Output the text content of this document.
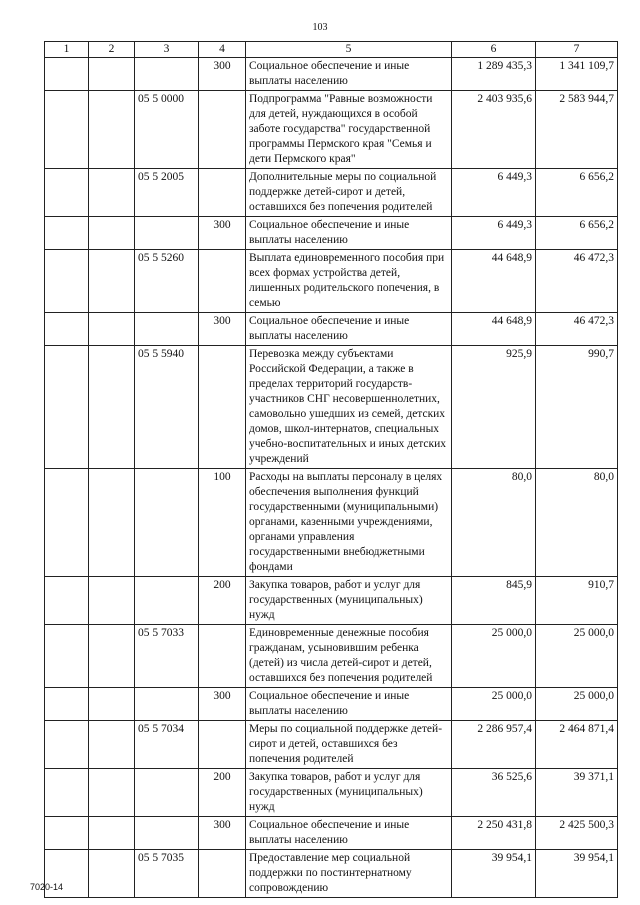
103
1	2	3	4	5	6	7
			300	Социальное обеспечение и иные выплаты населению	1 289 435,3	1 341 109,7
		05 5 0000		Подпрограмма "Равные возможности для детей, нуждающихся в особой заботе государства" государственной программы Пермского края "Семья и дети Пермского края"	2 403 935,6	2 583 944,7
		05 5 2005		Дополнительные меры по социальной поддержке детей-сирот и детей, оставшихся без попечения родителей	6 449,3	6 656,2
			300	Социальное обеспечение и иные выплаты населению	6 449,3	6 656,2
		05 5 5260		Выплата единовременного пособия при всех формах устройства детей, лишенных родительского попечения, в семью	44 648,9	46 472,3
			300	Социальное обеспечение и иные выплаты населению	44 648,9	46 472,3
		05 5 5940		Перевозка между субъектами Российской Федерации, а также в пределах территорий государств-участников СНГ несовершеннолетних, самовольно ушедших из семей, детских домов, школ-интернатов, специальных учебно-воспитательных и иных детских учреждений	925,9	990,7
			100	Расходы на выплаты персоналу в целях обеспечения выполнения функций государственными (муниципальными) органами, казенными учреждениями, органами управления государственными внебюджетными фондами	80,0	80,0
			200	Закупка товаров, работ и услуг для государственных (муниципальных) нужд	845,9	910,7
		05 5 7033		Единовременные денежные пособия гражданам, усыновившим ребенка (детей) из числа детей-сирот и детей, оставшихся без попечения родителей	25 000,0	25 000,0
			300	Социальное обеспечение и иные выплаты населению	25 000,0	25 000,0
		05 5 7034		Меры по социальной поддержке детей-сирот и детей, оставшихся без попечения родителей	2 286 957,4	2 464 871,4
			200	Закупка товаров, работ и услуг для государственных (муниципальных) нужд	36 525,6	39 371,1
			300	Социальное обеспечение и иные выплаты населению	2 250 431,8	2 425 500,3
		05 5 7035		Предоставление мер социальной поддержки по постинтернатному сопровождению	39 954,1	39 954,1
7020-14
